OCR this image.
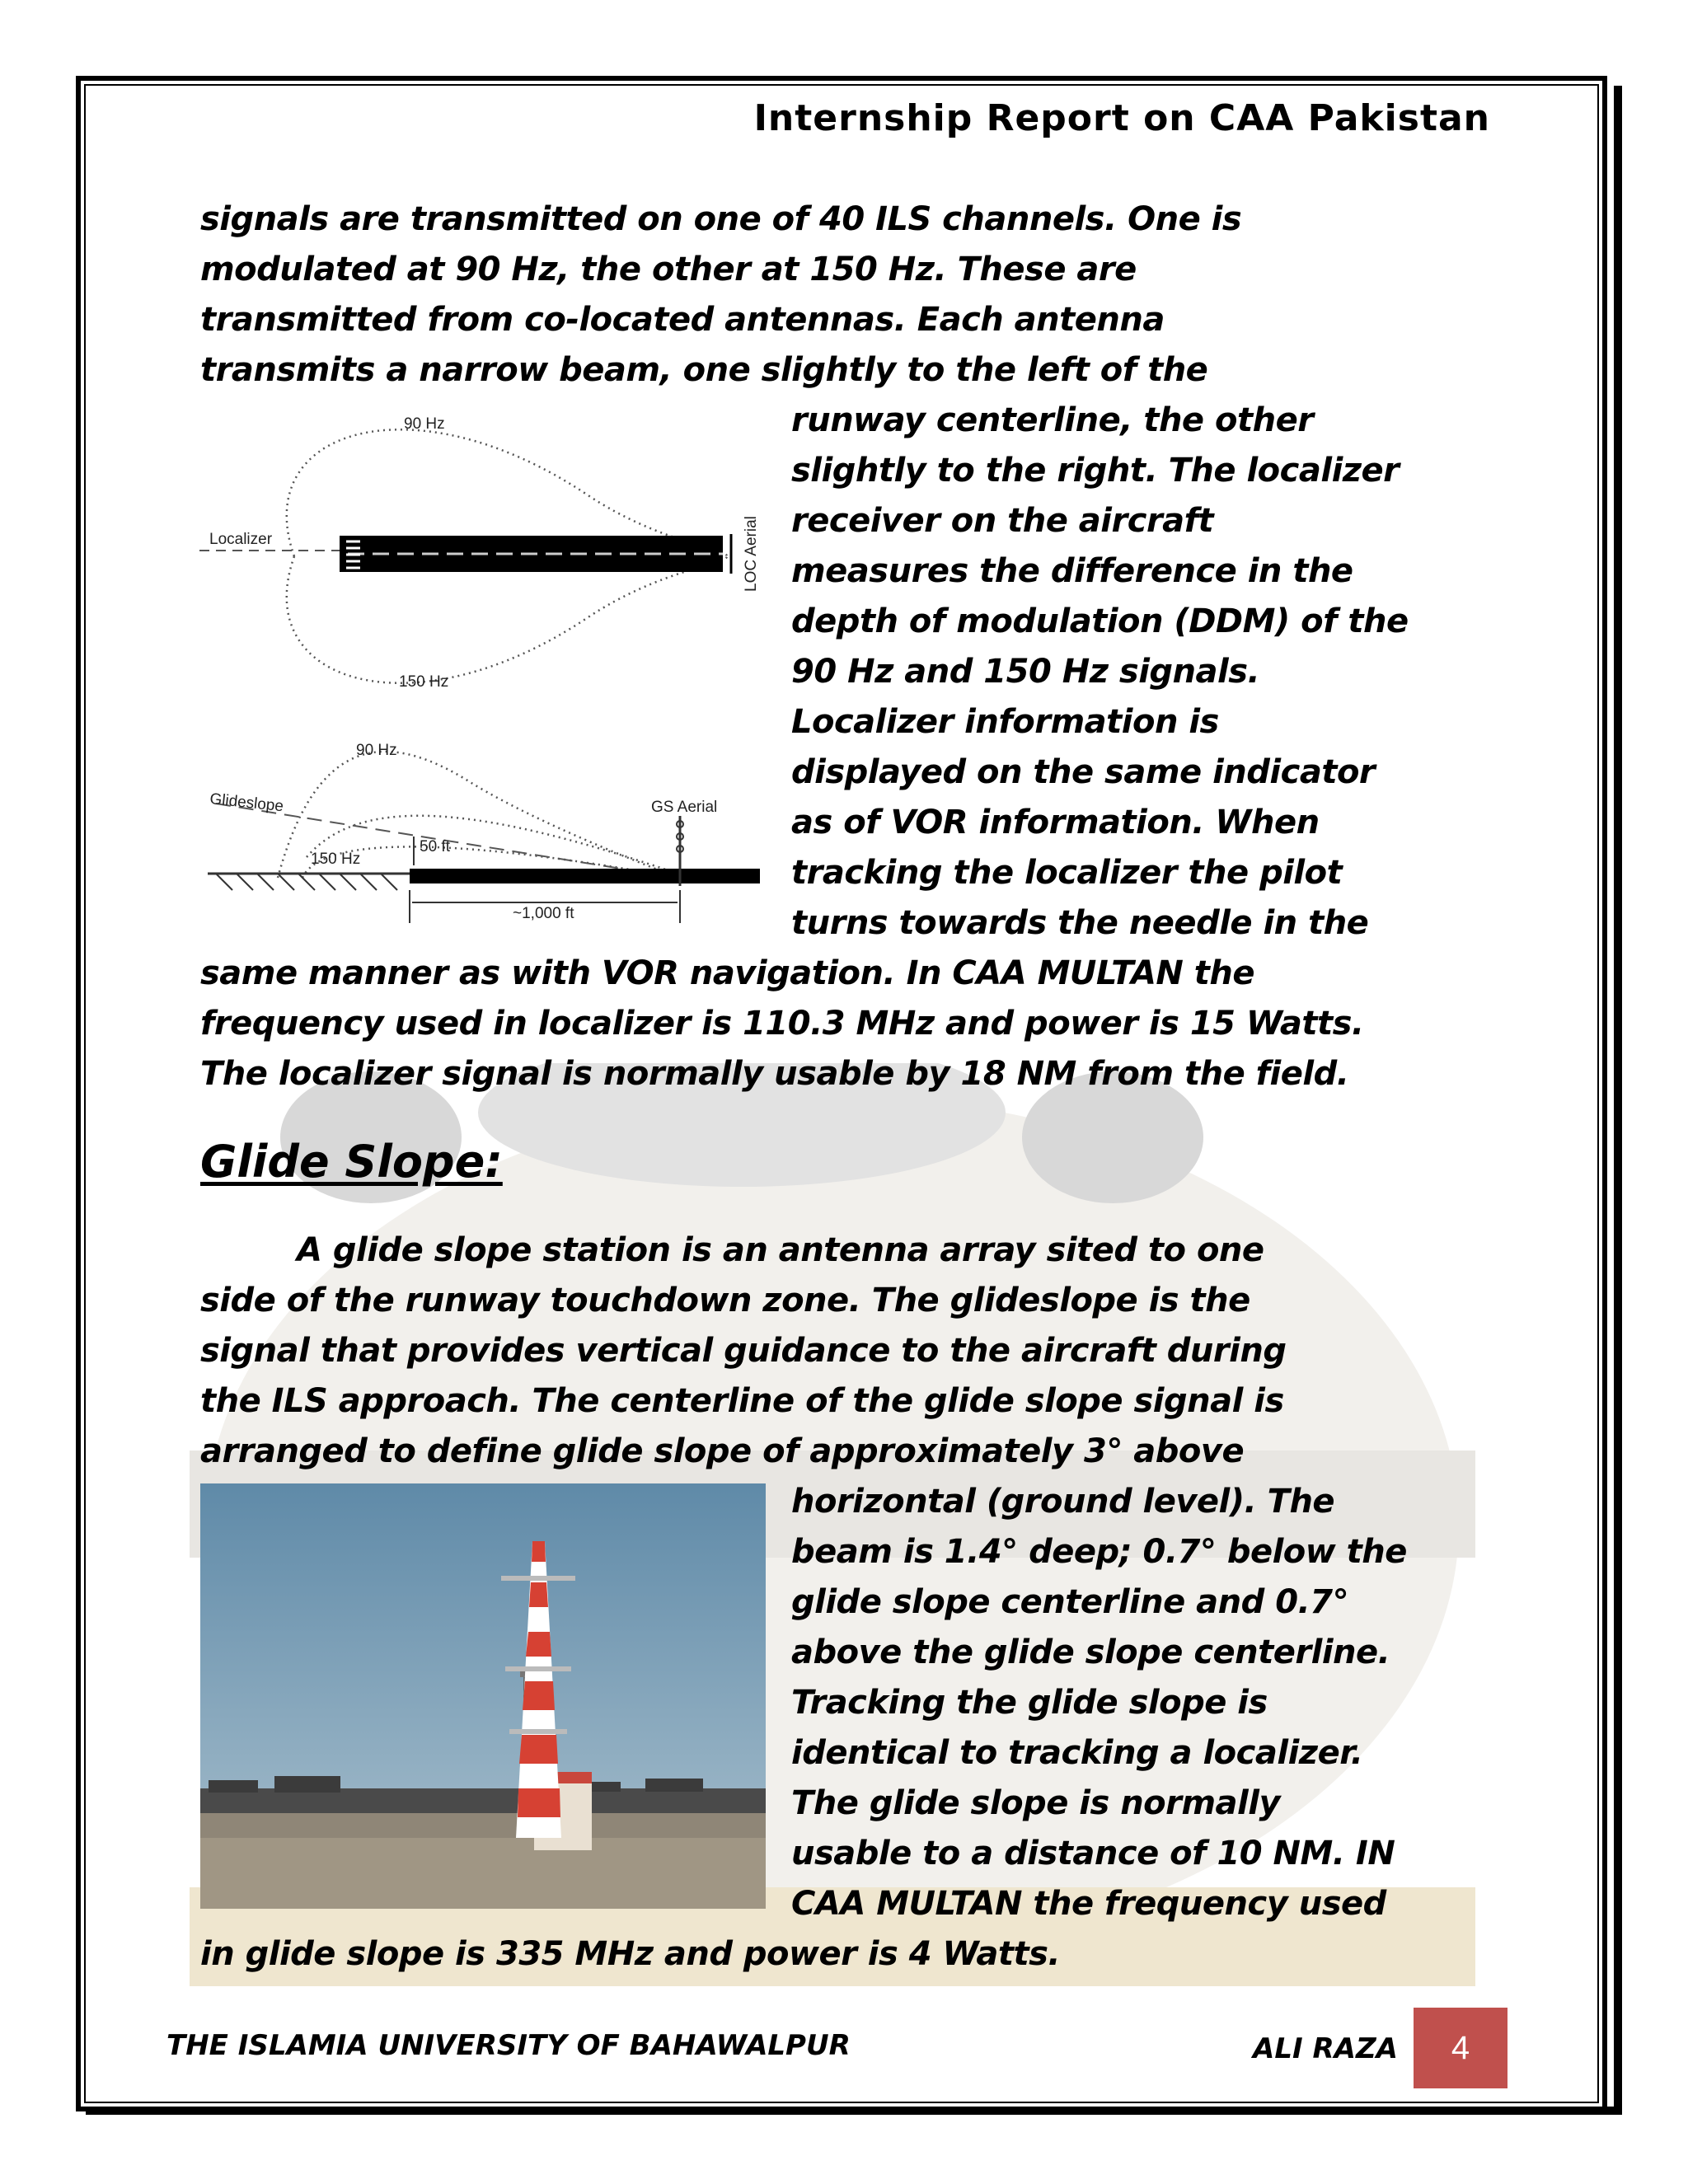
Internship Report on CAA Pakistan
signals are transmitted on one of 40 ILS channels. One is
modulated at 90 Hz, the other at 150 Hz. These are
transmitted from co-located antennas. Each antenna
transmits a narrow beam, one slightly to the left of the
runway centerline, the other
slightly to the right. The localizer
receiver on the aircraft
measures the difference in the
depth of modulation (DDM) of the
90 Hz and 150 Hz signals.
Localizer information is
displayed on the same indicator
as of VOR information. When
tracking the localizer the pilot
turns towards the needle in the
same manner as with VOR navigation. In CAA MULTAN the
frequency used in localizer is 110.3 MHz and power is 15 Watts.
The localizer signal is normally usable by 18 NM from the field.
90 Hz
150 Hz
Localizer	LOC Aerial
90 Hz
150 Hz
Glideslope	GS Aerial
50 ft
~1,000 ft
Glide Slope:
A glide slope station is an antenna array sited to one
side of the runway touchdown zone. The glideslope is the
signal that provides vertical guidance to the aircraft during
the ILS approach. The centerline of the glide slope signal is
arranged to define glide slope of approximately 3° above
horizontal (ground level). The
beam is 1.4° deep; 0.7° below the
glide slope centerline and 0.7°
above the glide slope centerline.
Tracking the glide slope is
identical to tracking a localizer.
The glide slope is normally
usable to a distance of 10 NM. IN
CAA MULTAN the frequency used
in glide slope is 335 MHz and power is 4 Watts.
THE ISLAMIA UNIVERSITY OF BAHAWALPUR	ALI RAZA	4
